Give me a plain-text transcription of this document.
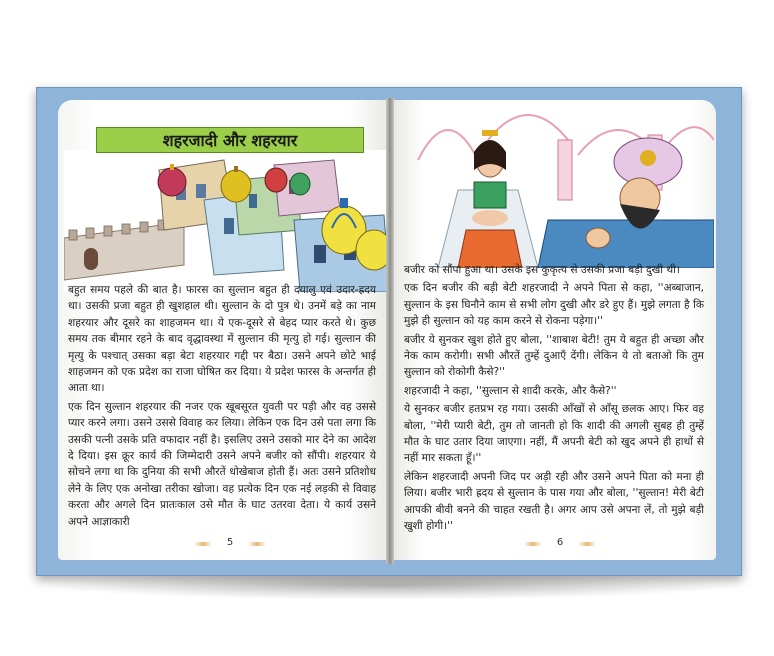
शहरजादी और शहरयार

बहुत समय पहले की बात है। फारस का सुल्तान बहुत ही दयालु एवं उदार-ह्रदय था। उसकी प्रजा बहुत ही खुशहाल थी। सुल्तान के दो पुत्र थे। उनमें बड़े का नाम शहरयार और दूसरे का शाहजमन था। ये एक-दूसरे से बेहद प्यार करते थे। कुछ समय तक बीमार रहने के बाद वृद्धावस्था में सुल्तान की मृत्यु हो गई। सुल्तान की मृत्यु के पश्चात् उसका बड़ा बेटा शहरयार गद्दी पर बैठा। उसने अपने छोटे भाई शाहजमन को एक प्रदेश का राजा घोषित कर दिया। ये प्रदेश फारस के अन्तर्गत ही आता था।

एक दिन सुल्तान शहरयार की नजर एक खूबसूरत युवती पर पड़ी और वह उससे प्यार करने लगा। उसने उससे विवाह कर लिया। लेकिन एक दिन उसे पता लगा कि उसकी पत्नी उसके प्रति वफादार नहीं है। इसलिए उसने उसको मार देने का आदेश दे दिया। इस क्रूर कार्य की जिम्मेदारी उसने अपने बजीर को सौंपी। शहरयार ये सोचने लगा था कि दुनिया की सभी औरतें धोखेबाज होती हैं। अतः उसने प्रतिशोध लेने के लिए एक अनोखा तरीका खोजा। वह प्रत्येक दिन एक नई लड़की से विवाह करता और अगले दिन प्रातःकाल उसे मौत के घाट उतरवा देता। ये कार्य उसने अपने आज्ञाकारी

5

बजीर को सौंपा हुआ था। उसके इस कुकृत्य से उसकी प्रजा बड़ी दुखी थी।

एक दिन बजीर की बड़ी बेटी शहरजादी ने अपने पिता से कहा, ''अब्बाजान, सुल्तान के इस घिनौने काम से सभी लोग दुखी और डरे हुए हैं। मुझे लगता है कि मुझे ही सुल्तान को यह काम करने से रोकना पड़ेगा।''

बजीर ये सुनकर खुश होते हुए बोला, ''शाबाश बेटी! तुम ये बहुत ही अच्छा और नेक काम करोगी। सभी औरतें तुम्हें दुआएँ देंगी। लेकिन ये तो बताओ कि तुम सुल्तान को रोकोगी कैसे?''

शहरजादी ने कहा, ''सुल्तान से शादी करके, और कैसे?''

ये सुनकर बजीर हतप्रभ रह गया। उसकी आँखों से आँसू छलक आए। फिर वह बोला, ''मेरी प्यारी बेटी, तुम तो जानती हो कि शादी की अगली सुबह ही तुम्हें मौत के घाट उतार दिया जाएगा। नहीं, मैं अपनी बेटी को खुद अपने ही हाथों से नहीं मार सकता हूँ।''

लेकिन शहरजादी अपनी जिद पर अड़ी रही और उसने अपने पिता को मना ही लिया। बजीर भारी ह्रदय से सुल्तान के पास गया और बोला, ''सुल्तान! मेरी बेटी आपकी बीवी बनने की चाहत रखती है। अगर आप उसे अपना लें, तो मुझे बड़ी खुशी होगी।''

6
